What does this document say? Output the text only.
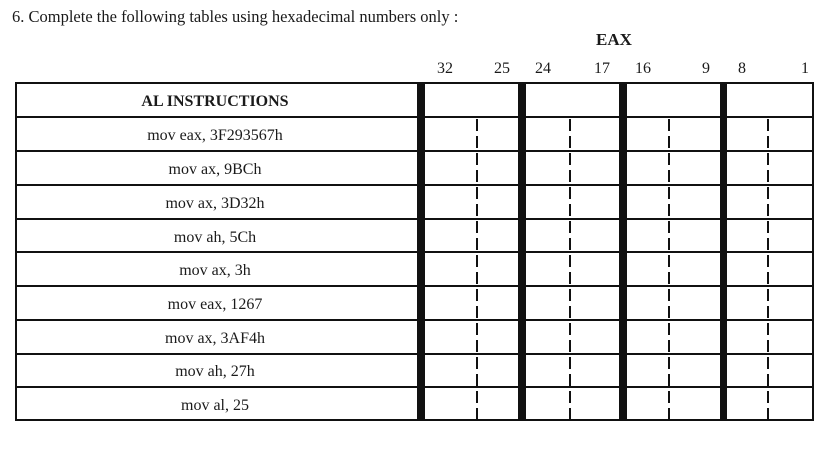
6. Complete the following tables using hexadecimal numbers only :
EAX
32	25 24	17 16	9 8	1
AL INSTRUCTIONS
mov eax, 3F293567h
mov ax, 9BCh
mov ax, 3D32h
mov ah, 5Ch
mov ax, 3h
mov eax, 1267
mov ax, 3AF4h
mov ah, 27h
mov al, 25
